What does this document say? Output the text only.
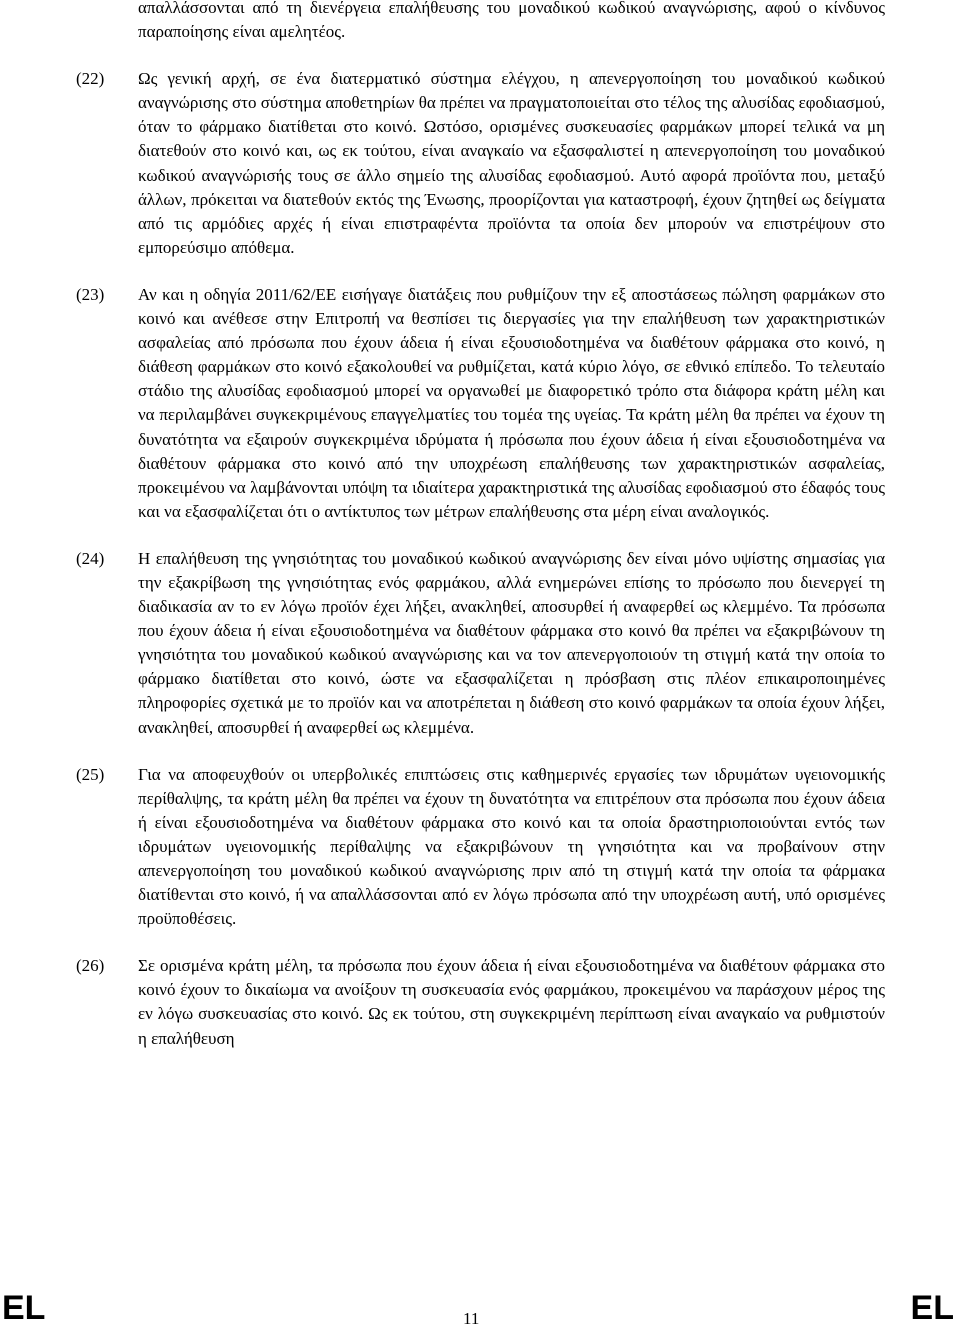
απαλλάσσονται από τη διενέργεια επαλήθευσης του μοναδικού κωδικού αναγνώρισης, αφού ο κίνδυνος παραποίησης είναι αμελητέος.

(22)	Ως γενική αρχή, σε ένα διατερματικό σύστημα ελέγχου, η απενεργοποίηση του μοναδικού κωδικού αναγνώρισης στο σύστημα αποθετηρίων θα πρέπει να πραγματοποιείται στο τέλος της αλυσίδας εφοδιασμού, όταν το φάρμακο διατίθεται στο κοινό. Ωστόσο, ορισμένες συσκευασίες φαρμάκων μπορεί τελικά να μη διατεθούν στο κοινό και, ως εκ τούτου, είναι αναγκαίο να εξασφαλιστεί η απενεργοποίηση του μοναδικού κωδικού αναγνώρισής τους σε άλλο σημείο της αλυσίδας εφοδιασμού. Αυτό αφορά προϊόντα που, μεταξύ άλλων, πρόκειται να διατεθούν εκτός της Ένωσης, προορίζονται για καταστροφή, έχουν ζητηθεί ως δείγματα από τις αρμόδιες αρχές ή είναι επιστραφέντα προϊόντα τα οποία δεν μπορούν να επιστρέψουν στο εμπορεύσιμο απόθεμα.

(23)	Αν και η οδηγία 2011/62/ΕΕ εισήγαγε διατάξεις που ρυθμίζουν την εξ αποστάσεως πώληση φαρμάκων στο κοινό και ανέθεσε στην Επιτροπή να θεσπίσει τις διεργασίες για την επαλήθευση των χαρακτηριστικών ασφαλείας από πρόσωπα που έχουν άδεια ή είναι εξουσιοδοτημένα να διαθέτουν φάρμακα στο κοινό, η διάθεση φαρμάκων στο κοινό εξακολουθεί να ρυθμίζεται, κατά κύριο λόγο, σε εθνικό επίπεδο. Το τελευταίο στάδιο της αλυσίδας εφοδιασμού μπορεί να οργανωθεί με διαφορετικό τρόπο στα διάφορα κράτη μέλη και να περιλαμβάνει συγκεκριμένους επαγγελματίες του τομέα της υγείας. Τα κράτη μέλη θα πρέπει να έχουν τη δυνατότητα να εξαιρούν συγκεκριμένα ιδρύματα ή πρόσωπα που έχουν άδεια ή είναι εξουσιοδοτημένα να διαθέτουν φάρμακα στο κοινό από την υποχρέωση επαλήθευσης των χαρακτηριστικών ασφαλείας, προκειμένου να λαμβάνονται υπόψη τα ιδιαίτερα χαρακτηριστικά της αλυσίδας εφοδιασμού στο έδαφός τους και να εξασφαλίζεται ότι ο αντίκτυπος των μέτρων επαλήθευσης στα μέρη είναι αναλογικός.

(24)	Η επαλήθευση της γνησιότητας του μοναδικού κωδικού αναγνώρισης δεν είναι μόνο υψίστης σημασίας για την εξακρίβωση της γνησιότητας ενός φαρμάκου, αλλά ενημερώνει επίσης το πρόσωπο που διενεργεί τη διαδικασία αν το εν λόγω προϊόν έχει λήξει, ανακληθεί, αποσυρθεί ή αναφερθεί ως κλεμμένο. Τα πρόσωπα που έχουν άδεια ή είναι εξουσιοδοτημένα να διαθέτουν φάρμακα στο κοινό θα πρέπει να εξακριβώνουν τη γνησιότητα του μοναδικού κωδικού αναγνώρισης και να τον απενεργοποιούν τη στιγμή κατά την οποία το φάρμακο διατίθεται στο κοινό, ώστε να εξασφαλίζεται η πρόσβαση στις πλέον επικαιροποιημένες πληροφορίες σχετικά με το προϊόν και να αποτρέπεται η διάθεση στο κοινό φαρμάκων τα οποία έχουν λήξει, ανακληθεί, αποσυρθεί ή αναφερθεί ως κλεμμένα.

(25)	Για να αποφευχθούν οι υπερβολικές επιπτώσεις στις καθημερινές εργασίες των ιδρυμάτων υγειονομικής περίθαλψης, τα κράτη μέλη θα πρέπει να έχουν τη δυνατότητα να επιτρέπουν στα πρόσωπα που έχουν άδεια ή είναι εξουσιοδοτημένα να διαθέτουν φάρμακα στο κοινό και τα οποία δραστηριοποιούνται εντός των ιδρυμάτων υγειονομικής περίθαλψης να εξακριβώνουν τη γνησιότητα και να προβαίνουν στην απενεργοποίηση του μοναδικού κωδικού αναγνώρισης πριν από τη στιγμή κατά την οποία τα φάρμακα διατίθενται στο κοινό, ή να απαλλάσσονται από εν λόγω πρόσωπα από την υποχρέωση αυτή, υπό ορισμένες προϋποθέσεις.

(26)	Σε ορισμένα κράτη μέλη, τα πρόσωπα που έχουν άδεια ή είναι εξουσιοδοτημένα να διαθέτουν φάρμακα στο κοινό έχουν το δικαίωμα να ανοίξουν τη συσκευασία ενός φαρμάκου, προκειμένου να παράσχουν μέρος της εν λόγω συσκευασίας στο κοινό. Ως εκ τούτου, στη συγκεκριμένη περίπτωση είναι αναγκαίο να ρυθμιστούν η επαλήθευση

EL	11	EL
